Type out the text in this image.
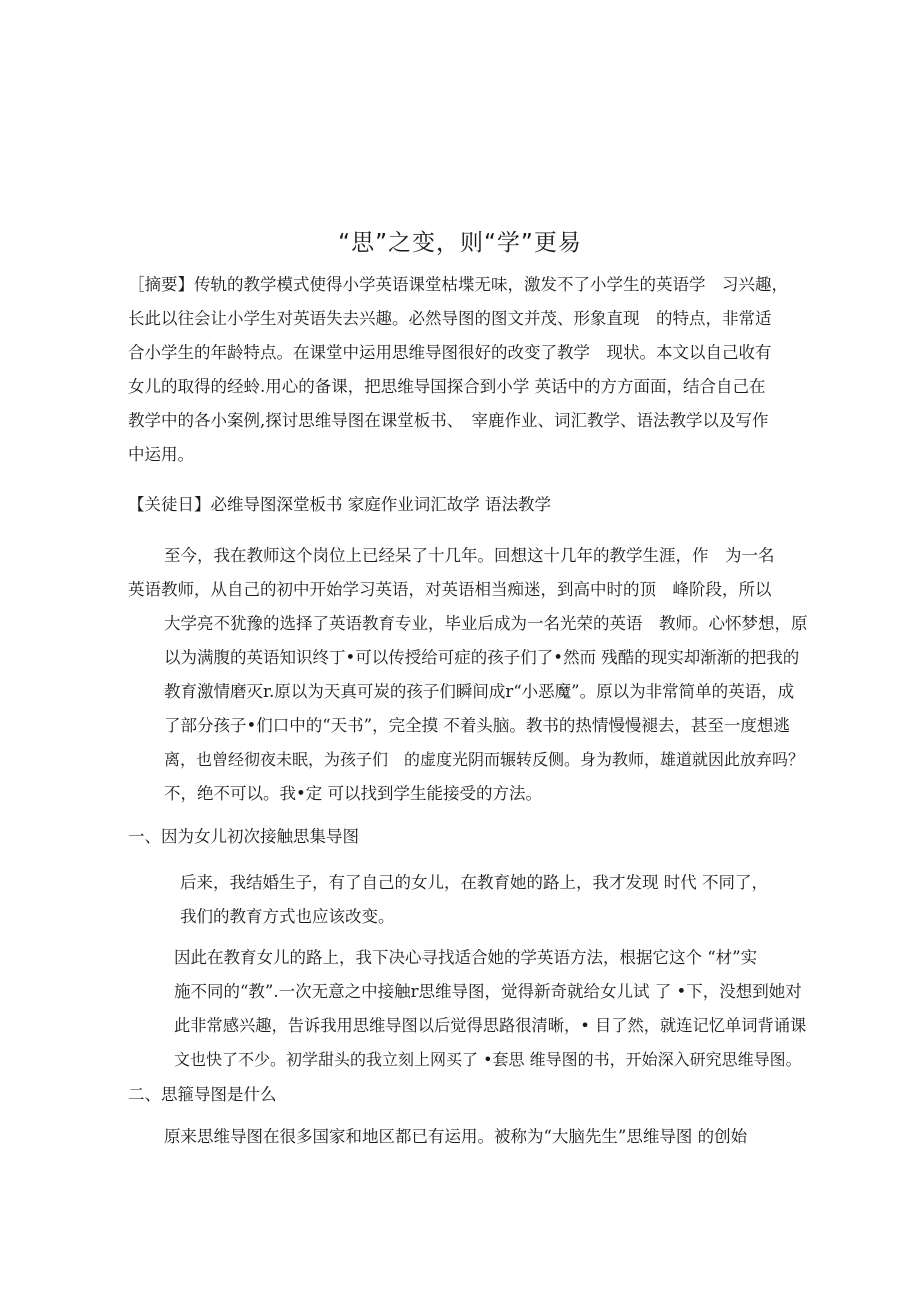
“思”之变，则“学”更易

［摘要】传轨的教学模式使得小学英语课堂枯堞无味，激发不了小学生的英语学　习兴趣，
长此以往会让小学生对英语失去兴趣。必然导图的图文并茂、形象直现　的特点，非常适
合小学生的年龄特点。在课堂中运用思维导图很好的改变了教学　现状。本文以自己收有
女儿的取得的经蛉.用心的备课，把思维导国探合到小学 英话中的方方面面，结合自己在
教学中的各小案例,探讨思维导图在课堂板书、　宰鹿作业、词汇教学、语法教学以及写作
中运用。

【关徒日】必维导图深堂板书 家庭作业词汇故学 语法教学

至今，我在教师这个岗位上已经呆了十几年。回想这十几年的教学生涯，作　为一名
英语教师，从自己的初中开始学习英语，对英语相当痴迷，到高中时的顶　峰阶段，所以
大学亮不犹豫的选择了英语教育专业，毕业后成为一名光荣的英语　教师。心怀梦想，原
以为满腹的英语知识终丁•可以传授给可症的孩子们了•然而 残酷的现实却渐渐的把我的
教育激情磨灭r.原以为天真可炭的孩子们瞬间成r“小恶魔”。原以为非常简单的英语，成
了部分孩子•们口中的“天书”，完全摸 不着头脑。教书的热情慢慢褪去，甚至一度想逃
离，也曾经彻夜未眠，为孩子们　的虚度光阴而辗转反侧。身为教师，雄道就因此放弃吗？
不，绝不可以。我•定 可以找到学生能接受的方法。

一、因为女儿初次接触思集导图

后来，我结婚生子，有了自己的女儿，在教育她的路上，我才发现 时代 不同了，
我们的教育方式也应该改变。

因此在教育女儿的路上，我下决心寻找适合她的学英语方法，根据它这个 “材”实
施不同的“教”.一次无意之中接触r思维导图，觉得新奇就给女儿试 了 •下，没想到她对
此非常感兴趣，告诉我用思维导图以后觉得思路很清晰，• 目了然，就连记忆单词背诵课
文也快了不少。初学甜头的我立刻上网买了 •套思 维导图的书，开始深入研究思维导图。

二、思箍导图是什么

原来思维导图在很多国家和地区都已有运用。被称为“大脑先生”思维导图 的创始
